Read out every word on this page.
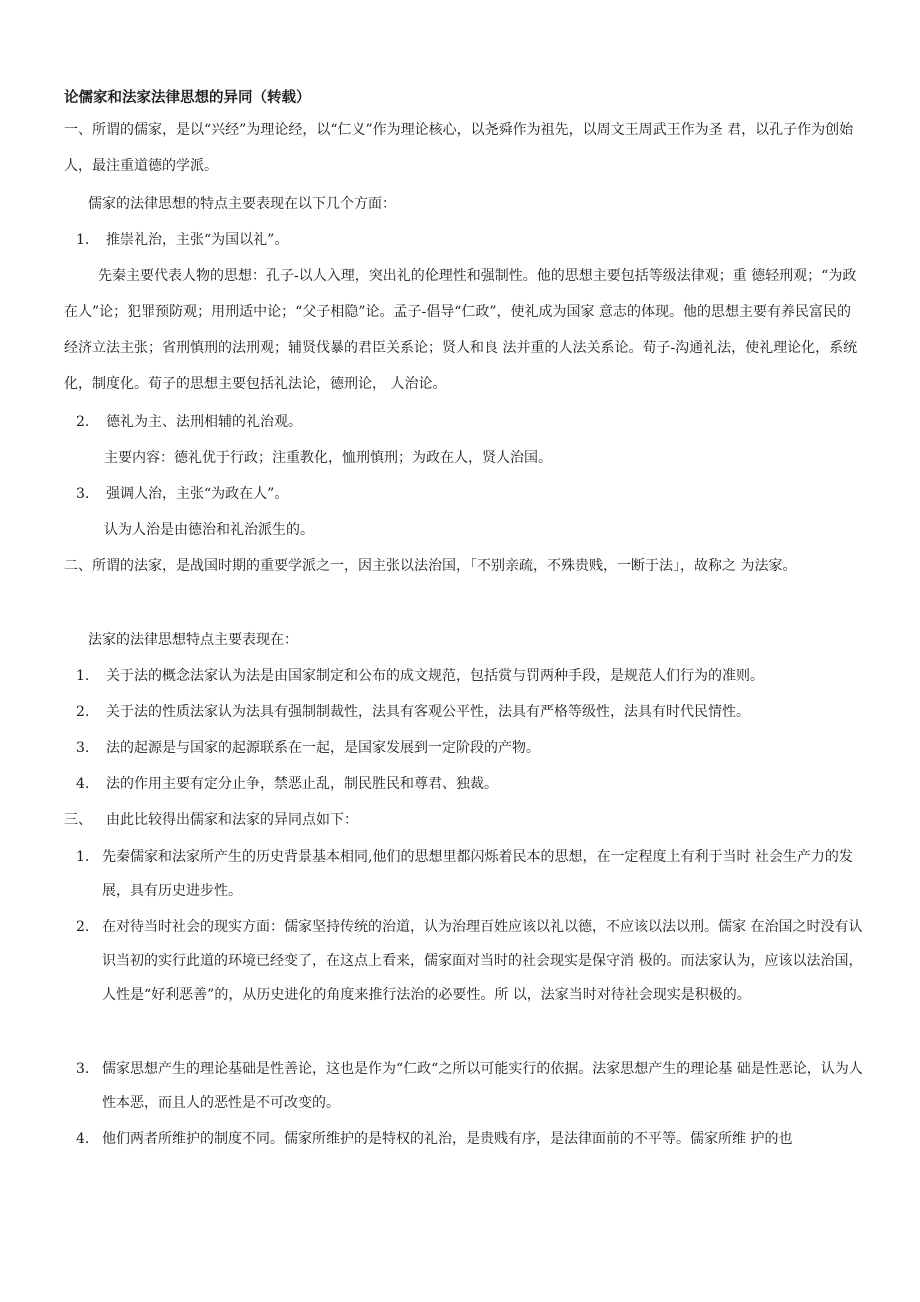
论儒家和法家法律思想的异同（转载）
一、所谓的儒家，是以“兴经”为理论经，以“仁义”作为理论核心，以尧舜作为祖先，以周文王周武王作为圣 君，以孔子作为创始人，最注重道德的学派。
儒家的法律思想的特点主要表现在以下几个方面：
1. 推崇礼治，主张“为国以礼”。
先秦主要代表人物的思想：孔子-以人入理，突出礼的伦理性和强制性。他的思想主要包括等级法律观；重 德轻刑观；“为政在人”论；犯罪预防观；用刑适中论；“父子相隐”论。孟子-倡导“仁政”，使礼成为国家 意志的体现。他的思想主要有养民富民的经济立法主张；省刑慎刑的法刑观；辅贤伐暴的君臣关系论；贤人和良 法并重的人法关系论。荀子-沟通礼法，使礼理论化，系统化，制度化。荀子的思想主要包括礼法论，德刑论， 人治论。
2. 德礼为主、法刑相辅的礼治观。
主要内容：德礼优于行政；注重教化，恤刑慎刑；为政在人，贤人治国。
3. 强调人治，主张“为政在人”。
认为人治是由德治和礼治派生的。
二、所谓的法家，是战国时期的重要学派之一，因主张以法治国，「不别亲疏，不殊贵贱，一断于法」，故称之 为法家。
法家的法律思想特点主要表现在：
1. 关于法的概念法家认为法是由国家制定和公布的成文规范，包括赏与罚两种手段，是规范人们行为的准则。
2. 关于法的性质法家认为法具有强制制裁性，法具有客观公平性，法具有严格等级性，法具有时代民情性。
3. 法的起源是与国家的起源联系在一起，是国家发展到一定阶段的产物。
4. 法的作用主要有定分止争，禁恶止乱，制民胜民和尊君、独裁。
三、 由此比较得出儒家和法家的异同点如下：
1. 先秦儒家和法家所产生的历史背景基本相同,他们的思想里都闪烁着民本的思想，在一定程度上有利于当时 社会生产力的发展，具有历史进步性。
2. 在对待当时社会的现实方面：儒家坚持传统的治道，认为治理百姓应该以礼以德，不应该以法以刑。儒家 在治国之时没有认识当初的实行此道的环境已经变了，在这点上看来，儒家面对当时的社会现实是保守消 极的。而法家认为，应该以法治国，人性是“好利恶善”的，从历史进化的角度来推行法治的必要性。所 以，法家当时对待社会现实是积极的。
3. 儒家思想产生的理论基础是性善论，这也是作为“仁政“之所以可能实行的依据。法家思想产生的理论基 础是性恶论，认为人性本恶，而且人的恶性是不可改变的。
4. 他们两者所维护的制度不同。儒家所维护的是特权的礼治，是贵贱有序，是法律面前的不平等。儒家所维 护的也
